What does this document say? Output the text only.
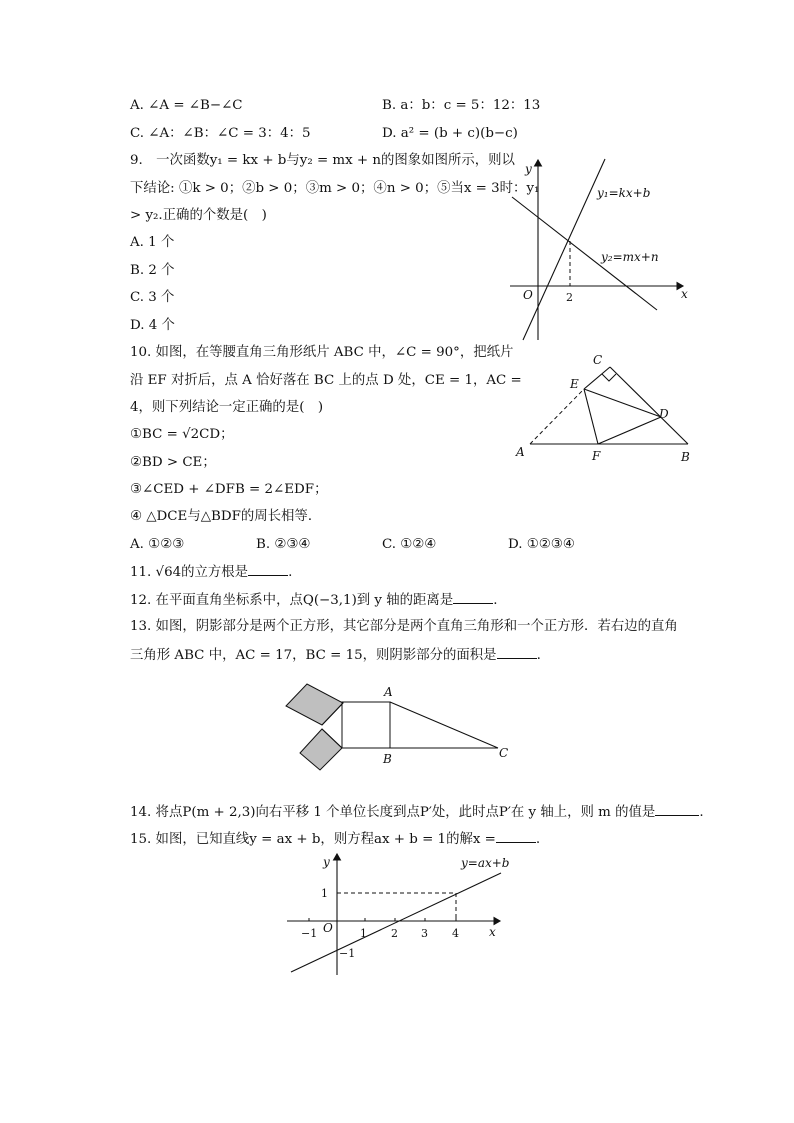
A. ∠A = ∠B−∠C	B. a：b：c = 5：12：13
C. ∠A：∠B：∠C = 3：4：5	D. a² = (b + c)(b−c)
9.　一次函数y₁ = kx + b与y₂ = mx + n的图象如图所示，则以
下结论: ①k > 0；②b > 0；③m > 0；④n > 0；⑤当x = 3时：y₁
> y₂.正确的个数是(　)
A. 1 个
B. 2 个
C. 3 个
D. 4 个
y
x
O	2
y₁=kx+b
y₂=mx+n
10. 如图，在等腰直角三角形纸片 ABC 中，∠C = 90°，把纸片
沿 EF 对折后，点 A 恰好落在 BC 上的点 D 处，CE = 1，AC =
4，则下列结论一定正确的是(　)
①BC = √2CD；
②BD > CE；
③∠CED + ∠DFB = 2∠EDF；
④ △DCE与△BDF的周长相等．
A. ①②③	B. ②③④	C. ①②④	D. ①②③④
C
E
D
A	F	B
11. √64的立方根是	.
12. 在平面直角坐标系中，点Q(−3,1)到 y 轴的距离是	.
13. 如图，阴影部分是两个正方形，其它部分是两个直角三角形和一个正方形．若右边的直角
三角形 ABC 中，AC = 17，BC = 15，则阴影部分的面积是	.
A
B	C
14. 将点P(m + 2,3)向右平移 1 个单位长度到点P′处，此时点P′在 y 轴上，则 m 的值是	.
15. 如图，已知直线y = ax + b，则方程ax + b = 1的解x =	.
y
x
O
y=ax+b
−1	1 2 3 4
1
−1
